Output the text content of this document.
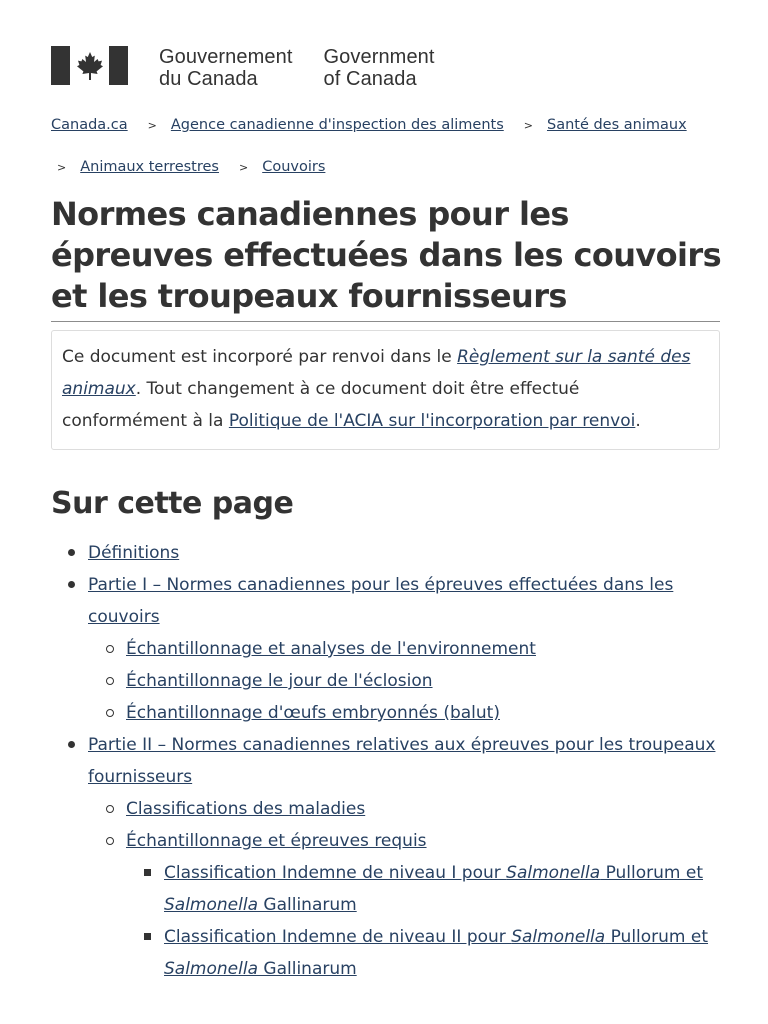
Gouvernement
du Canada
Government
of Canada
Canada.ca > Agence canadienne d'inspection des aliments > Santé des animaux
> Animaux terrestres > Couvoirs
Normes canadiennes pour les épreuves effectuées dans les couvoirs et les troupeaux fournisseurs
Ce document est incorporé par renvoi dans le Règlement sur la santé des animaux. Tout changement à ce document doit être effectué conformément à la Politique de l'ACIA sur l'incorporation par renvoi.
Sur cette page
Définitions
Partie I – Normes canadiennes pour les épreuves effectuées dans les couvoirs
Échantillonnage et analyses de l'environnement
Échantillonnage le jour de l'éclosion
Échantillonnage d'œufs embryonnés (balut)
Partie II – Normes canadiennes relatives aux épreuves pour les troupeaux fournisseurs
Classifications des maladies
Échantillonnage et épreuves requis
Classification Indemne de niveau I pour Salmonella Pullorum et Salmonella Gallinarum
Classification Indemne de niveau II pour Salmonella Pullorum et Salmonella Gallinarum
